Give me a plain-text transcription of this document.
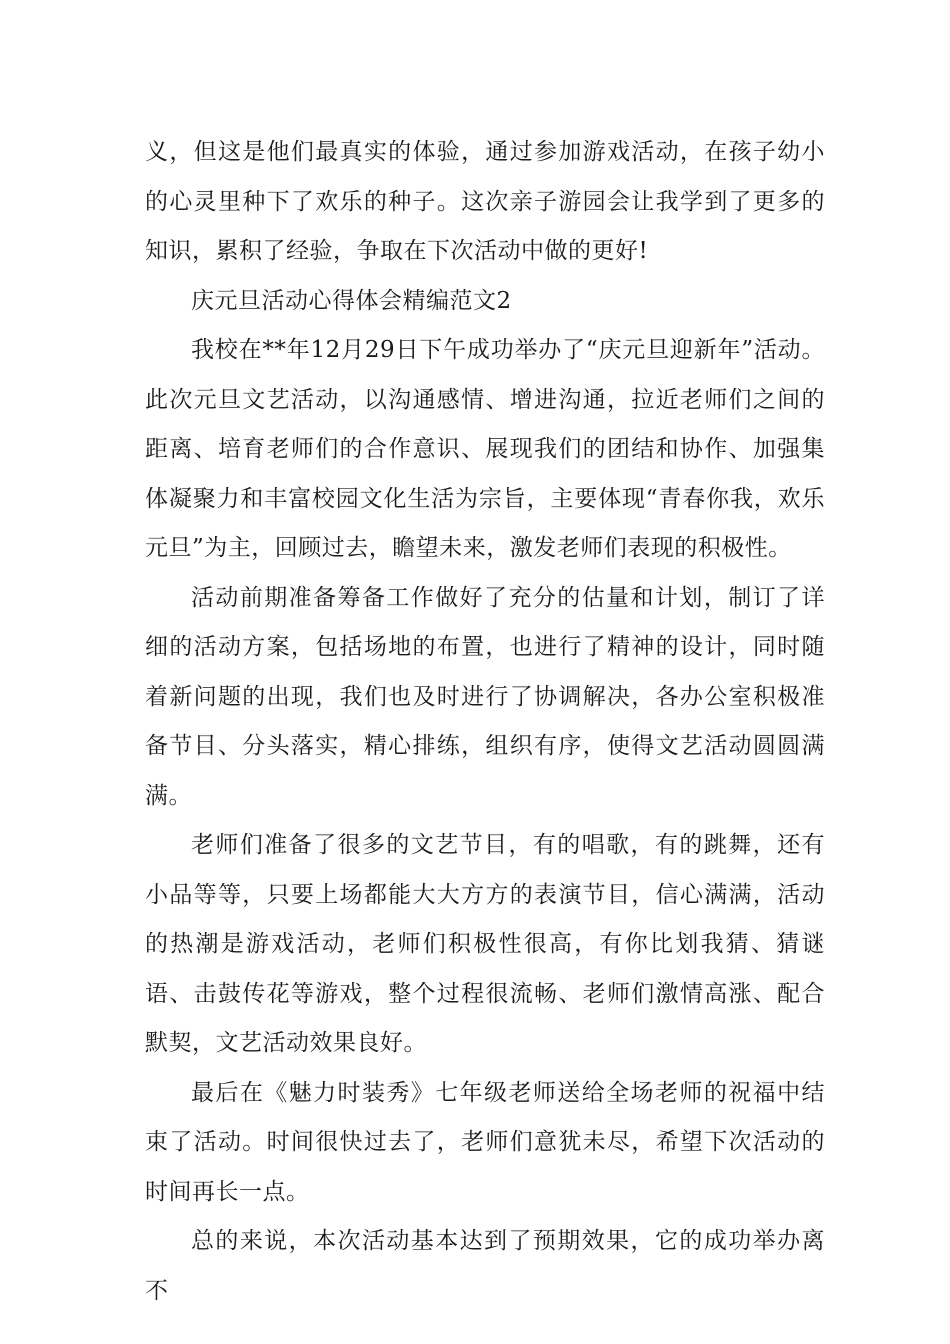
义，但这是他们最真实的体验，通过参加游戏活动，在孩子幼小的心灵里种下了欢乐的种子。这次亲子游园会让我学到了更多的知识，累积了经验，争取在下次活动中做的更好!

庆元旦活动心得体会精编范文2

我校在**年12月29日下午成功举办了“庆元旦迎新年”活动。此次元旦文艺活动，以沟通感情、增进沟通，拉近老师们之间的距离、培育老师们的合作意识、展现我们的团结和协作、加强集体凝聚力和丰富校园文化生活为宗旨，主要体现“青春你我，欢乐元旦”为主，回顾过去，瞻望未来，激发老师们表现的积极性。

活动前期准备筹备工作做好了充分的估量和计划，制订了详细的活动方案，包括场地的布置，也进行了精神的设计，同时随着新问题的出现，我们也及时进行了协调解决，各办公室积极准备节目、分头落实，精心排练，组织有序，使得文艺活动圆圆满满。

老师们准备了很多的文艺节目，有的唱歌，有的跳舞，还有小品等等，只要上场都能大大方方的表演节目，信心满满，活动的热潮是游戏活动，老师们积极性很高，有你比划我猜、猜谜语、击鼓传花等游戏，整个过程很流畅、老师们激情高涨、配合默契，文艺活动效果良好。

最后在《魅力时装秀》七年级老师送给全场老师的祝福中结束了活动。时间很快过去了，老师们意犹未尽，希望下次活动的时间再长一点。

总的来说，本次活动基本达到了预期效果，它的成功举办离不
